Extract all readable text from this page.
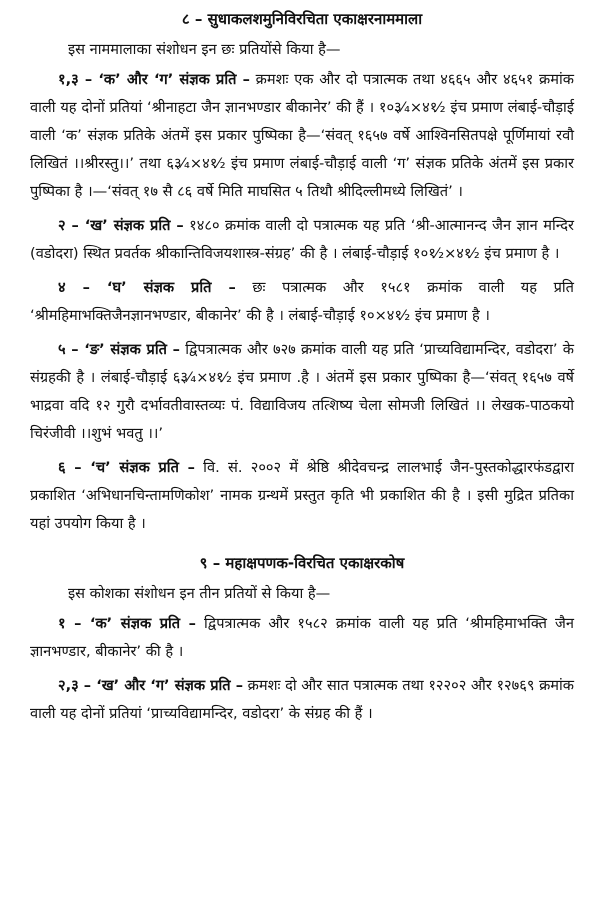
८ – सुधाकलशमुनिविरचिता एकाक्षरनाममाला

इस नाममालाका संशोधन इन छः प्रतियोंसे किया है—

१,३ – ‘क’ और ‘ग’ संज्ञक प्रति – क्रमशः एक और दो पत्रात्मक तथा ४६६५ और ४६५१ क्रमांक वाली यह दोनों प्रतियां ‘श्रीनाहटा जैन ज्ञानभण्डार बीकानेर’ की हैं । १०३⁄₄×४१⁄₂ इंच प्रमाण लंबाई-चौड़ाई वाली ‘क’ संज्ञक प्रतिके अंतमें इस प्रकार पुष्पिका है—‘संवत् १६५७ वर्षे आश्विनसितपक्षे पूर्णिमायां रवौ लिखितं ।।श्रीरस्तु।।’ तथा ६३⁄₄×४१⁄₂ इंच प्रमाण लंबाई-चौड़ाई वाली ‘ग’ संज्ञक प्रतिके अंतमें इस प्रकार पुष्पिका है ।—‘संवत् १७ सै ८६ वर्षे मिति माघसित ५ तिथौ श्रीदिल्लीमध्ये लिखितं’ ।

२ – ‘ख’ संज्ञक प्रति – १४८० क्रमांक वाली दो पत्रात्मक यह प्रति ‘श्री-आत्मानन्द जैन ज्ञान मन्दिर (वडोदरा) स्थित प्रवर्तक श्रीकान्तिविजयशास्त्र-संग्रह’ की है । लंबाई-चौड़ाई १०१⁄₂×४१⁄₂ इंच प्रमाण है ।

४ – ‘घ’ संज्ञक प्रति – छः पत्रात्मक और १५८१ क्रमांक वाली यह प्रति ‘श्रीमहिमाभक्तिजैनज्ञानभण्डार, बीकानेर’ की है । लंबाई-चौड़ाई १०×४१⁄₂ इंच प्रमाण है ।

५ – ‘ङ’ संज्ञक प्रति – द्विपत्रात्मक और ७२७ क्रमांक वाली यह प्रति ‘प्राच्यविद्यामन्दिर, वडोदरा’ के संग्रहकी है । लंबाई-चौड़ाई ६३⁄₄×४१⁄₂ इंच प्रमाण .है । अंतमें इस प्रकार पुष्पिका है—‘संवत् १६५७ वर्षे भाद्रवा वदि १२ गुरौ दर्भावतीवास्तव्यः पं. विद्याविजय तत्शिष्य चेला सोमजी लिखितं ।। लेखक-पाठकयो चिरंजीवी ।।शुभं भवतु ।।’

६ – ‘च’ संज्ञक प्रति – वि. सं. २००२ में श्रेष्ठि श्रीदेवचन्द्र लालभाई जैन-पुस्तकोद्धारफंडद्वारा प्रकाशित ‘अभिधानचिन्तामणिकोश’ नामक ग्रन्थमें प्रस्तुत कृति भी प्रकाशित की है । इसी मुद्रित प्रतिका यहां उपयोग किया है ।

९ – महाक्षपणक-विरचित एकाक्षरकोष

इस कोशका संशोधन इन तीन प्रतियों से किया है—

१ – ‘क’ संज्ञक प्रति – द्विपत्रात्मक और १५८२ क्रमांक वाली यह प्रति ‘श्रीमहिमाभक्ति जैन ज्ञानभण्डार, बीकानेर’ की है ।

२,३ – ‘ख’ और ‘ग’ संज्ञक प्रति – क्रमशः दो और सात पत्रात्मक तथा १२२०२ और १२७६९ क्रमांक वाली यह दोनों प्रतियां ‘प्राच्यविद्यामन्दिर, वडोदरा’ के संग्रह की हैं ।
